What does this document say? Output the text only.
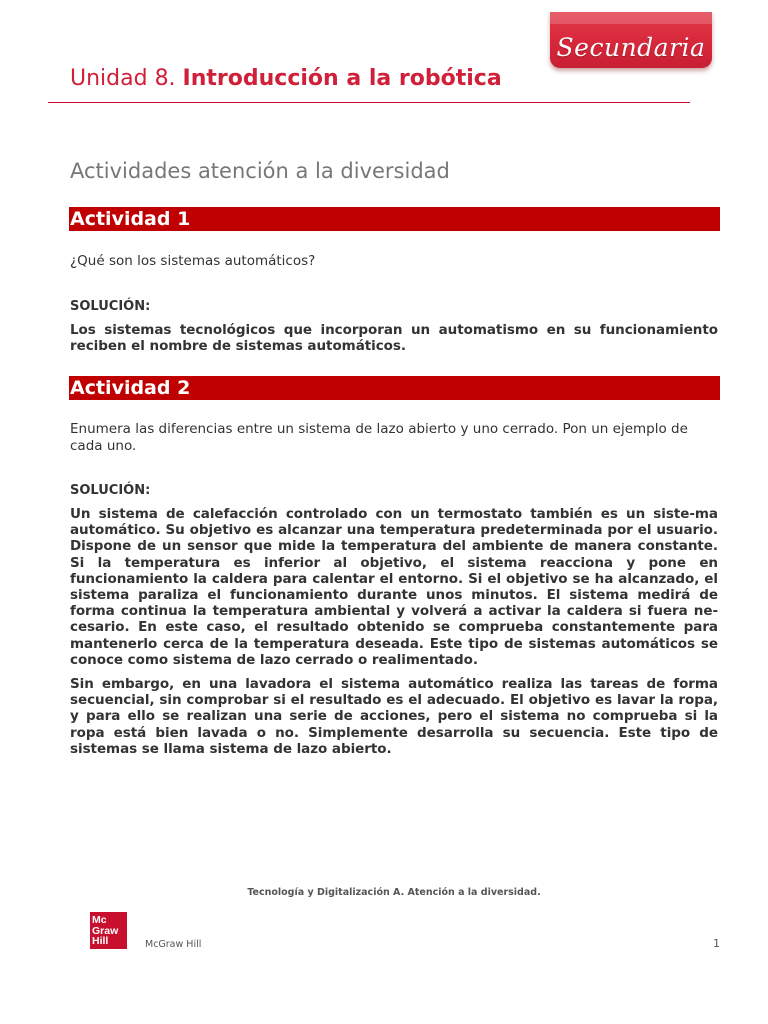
Secundaria
Unidad 8. Introducción a la robótica
Actividades atención a la diversidad
Actividad 1
¿Qué son los sistemas automáticos?
SOLUCIÓN:

Los sistemas tecnológicos que incorporan un automatismo en su funcionamiento reciben el nombre de sistemas automáticos.

Actividad 2
Enumera las diferencias entre un sistema de lazo abierto y uno cerrado. Pon un ejemplo de cada uno.
SOLUCIÓN:

Un sistema de calefacción controlado con un termostato también es un siste-ma automático. Su objetivo es alcanzar una temperatura predeterminada por el usuario. Dispone de un sensor que mide la temperatura del ambiente de manera constante. Si la temperatura es inferior al objetivo, el sistema reacciona y pone en funcionamiento la caldera para calentar el entorno. Si el objetivo se ha alcanzado, el sistema paraliza el funcionamiento durante unos minutos. El sistema medirá de forma continua la temperatura ambiental y volverá a activar la caldera si fuera ne-cesario. En este caso, el resultado obtenido se comprueba constantemente para mantenerlo cerca de la temperatura deseada. Este tipo de sistemas automáticos se conoce como sistema de lazo cerrado o realimentado.

Sin embargo, en una lavadora el sistema automático realiza las tareas de forma secuencial, sin comprobar si el resultado es el adecuado. El objetivo es lavar la ropa, y para ello se realizan una serie de acciones, pero el sistema no comprueba si la ropa está bien lavada o no. Simplemente desarrolla su secuencia. Este tipo de sistemas se llama sistema de lazo abierto.

Tecnología y Digitalización A. Atención a la diversidad.
Mc
Graw
Hill	McGraw Hill	1
